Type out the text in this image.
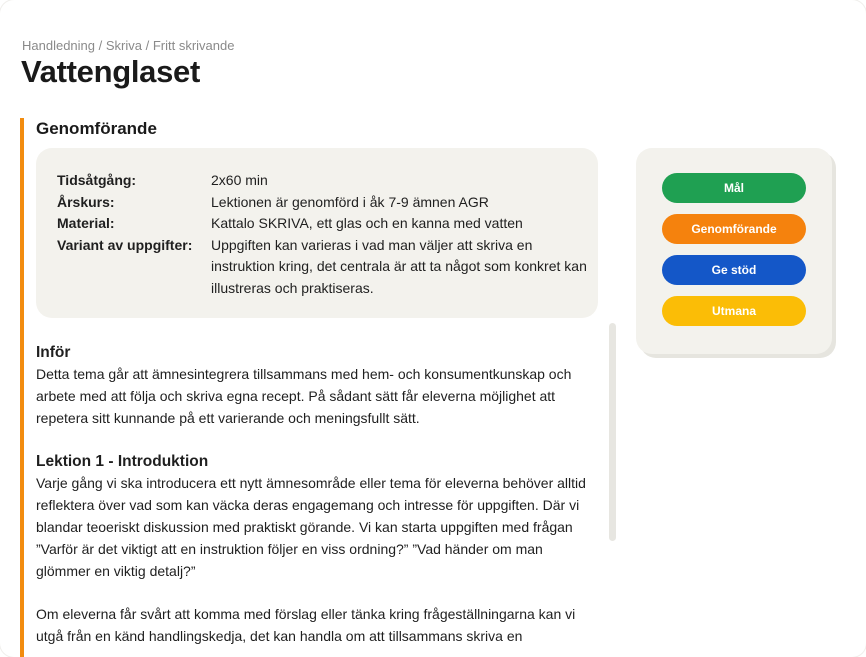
Handledning / Skriva / Fritt skrivande
Vattenglaset
Genomförande
Tidsåtgång:	2x60 min
Årskurs:	Lektionen är genomförd i åk 7-9 ämnen AGR
Material:	Kattalo SKRIVA, ett glas och en kanna med vatten
Variant av uppgifter:	Uppgiften kan varieras i vad man väljer att skriva en instruktion kring, det centrala är att ta något som konkret kan illustreras och praktiseras.
Inför

Detta tema går att ämnesintegrera tillsammans med hem- och konsumentkunskap och arbete med att följa och skriva egna recept. På sådant sätt får eleverna möjlighet att repetera sitt kunnande på ett varierande och meningsfullt sätt.

Lektion 1 - Introduktion

Varje gång vi ska introducera ett nytt ämnesområde eller tema för eleverna behöver alltid reflektera över vad som kan väcka deras engagemang och intresse för uppgiften. Där vi blandar teoeriskt diskussion med praktiskt görande. Vi kan starta uppgiften med frågan ”Varför är det viktigt att en instruktion följer en viss ordning?” ”Vad händer om man glömmer en viktig detalj?”

Om eleverna får svårt att komma med förslag eller tänka kring frågeställningarna kan vi utgå från en känd handlingskedja, det kan handla om att tillsammans skriva en

Mål
Genomförande
Ge stöd
Utmana
